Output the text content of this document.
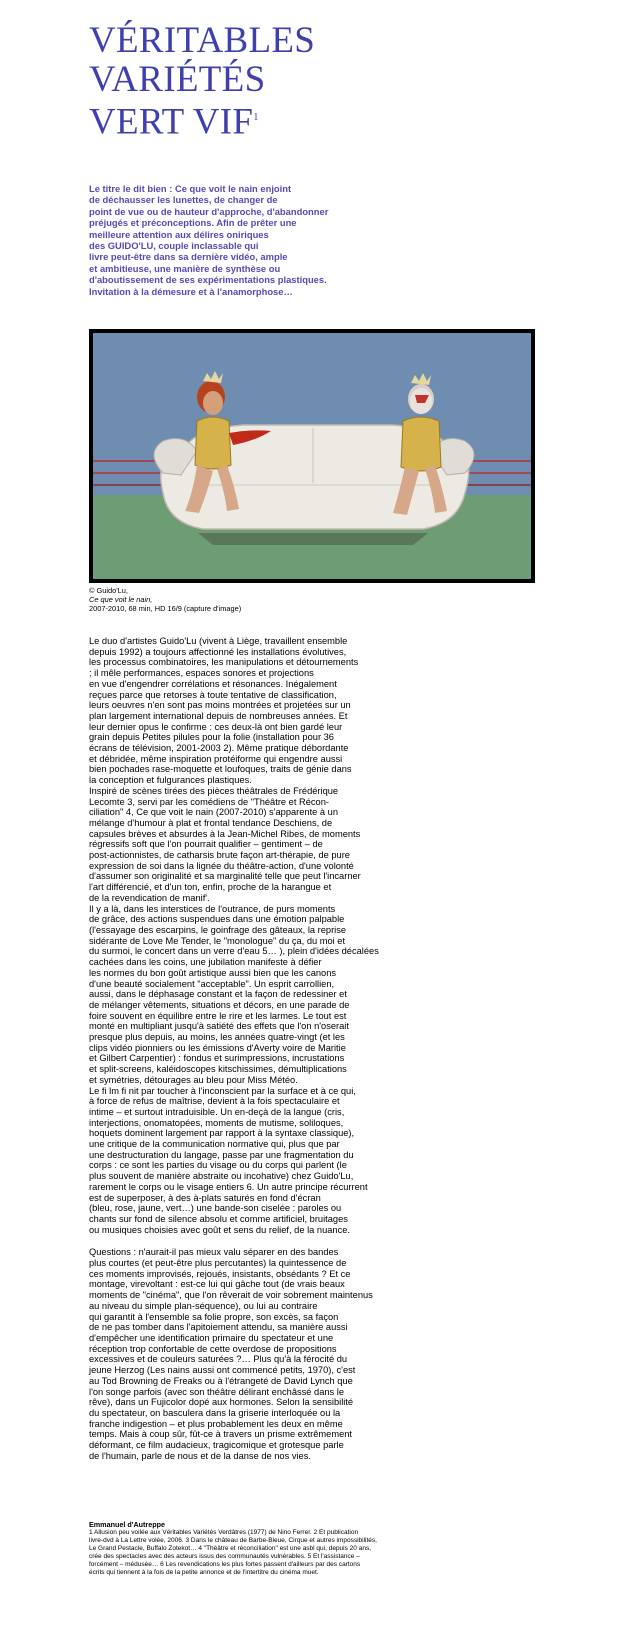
VÉRITABLES
VARIÉTÉS
VERT VIF$^1$
Le titre le dit bien : Ce que voit le nain enjoint
de déchausser les lunettes, de changer de
point de vue ou de hauteur d'approche, d'abandonner
préjugés et préconceptions. Afin de prêter une
meilleure attention aux délires oniriques
des GUIDO'LU, couple inclassable qui
livre peut-être dans sa dernière vidéo, ample
et ambitieuse, une manière de synthèse ou
d'aboutissement de ses expérimentations plastiques.
Invitation à la démesure et à l'anamorphose…
© Guido'Lu,
Ce que voit le nain,
2007-2010, 68 min, HD 16/9 (capture d'image)
Le duo d'artistes Guido'Lu (vivent à Liège, travaillent ensemble
depuis 1992) a toujours affectionné les installations évolutives,
les processus combinatoires, les manipulations et détournements
; il mêle performances, espaces sonores et projections
en vue d'engendrer corrélations et résonances. Inégalement
reçues parce que retorses à toute tentative de classification,
leurs oeuvres n'en sont pas moins montrées et projetées sur un
plan largement international depuis de nombreuses années. Et
leur dernier opus le confirme : ces deux-là ont bien gardé leur
grain depuis Petites pilules pour la folie (installation pour 36
écrans de télévision, 2001-2003 2). Même pratique débordante
et débridée, même inspiration protéiforme qui engendre aussi
bien pochades rase-moquette et loufoques, traits de génie dans
la conception et fulgurances plastiques.
Inspiré de scènes tirées des pièces théâtrales de Frédérique
Lecomte 3, servi par les comédiens de "Théâtre et Récon-
ciliation" 4, Ce que voit le nain (2007-2010) s'apparente à un
mélange d'humour à plat et frontal tendance Deschiens, de
capsules brèves et absurdes à la Jean-Michel Ribes, de moments
régressifs soft que l'on pourrait qualifier – gentiment – de
post-actionnistes, de catharsis brute façon art-thérapie, de pure
expression de soi dans la lignée du théâtre-action, d'une volonté
d'assumer son originalité et sa marginalité telle que peut l'incarner
l'art différencié, et d'un ton, enfin, proche de la harangue et
de la revendication de manif'.
Il y a là, dans les interstices de l'outrance, de purs moments
de grâce, des actions suspendues dans une émotion palpable
(l'essayage des escarpins, le goinfrage des gâteaux, la reprise
sidérante de Love Me Tender, le "monologue" du ça, du moi et
du surmoi, le concert dans un verre d'eau 5… ), plein d'idées décalées
cachées dans les coins, une jubilation manifeste à défier
les normes du bon goût artistique aussi bien que les canons
d'une beauté socialement "acceptable". Un esprit carrollien,
aussi, dans le déphasage constant et la façon de redessiner et
de mélanger vêtements, situations et décors, en une parade de
foire souvent en équilibre entre le rire et les larmes. Le tout est
monté en multipliant jusqu'à satiété des effets que l'on n'oserait
presque plus depuis, au moins, les années quatre-vingt (et les
clips vidéo pionniers ou les émissions d'Averty voire de Maritie
et Gilbert Carpentier) : fondus et surimpressions, incrustations
et split-screens, kaléidoscopes kitschissimes, démultiplications
et symétries, détourages au bleu pour Miss Météo.
Le fi lm fi nit par toucher à l'inconscient par la surface et à ce qui,
à force de refus de maîtrise, devient à la fois spectaculaire et
intime – et surtout intraduisible. Un en-deçà de la langue (cris,
interjections, onomatopées, moments de mutisme, soliloques,
hoquets dominent largement par rapport à la syntaxe classique),
une critique de la communication normative qui, plus que par
une destructuration du langage, passe par une fragmentation du
corps : ce sont les parties du visage ou du corps qui parlent (le
plus souvent de manière abstraite ou incohative) chez Guido'Lu,
rarement le corps ou le visage entiers 6. Un autre principe récurrent
est de superposer, à des à-plats saturés en fond d'écran
(bleu, rose, jaune, vert…) une bande-son ciselée : paroles ou
chants sur fond de silence absolu et comme artificiel, bruitages
ou musiques choisies avec goût et sens du relief, de la nuance.
Questions : n'aurait-il pas mieux valu séparer en des bandes
plus courtes (et peut-être plus percutantes) la quintessence de
ces moments improvisés, rejoués, insistants, obsédants ? Et ce
montage, virevoltant : est-ce lui qui gâche tout (de vrais beaux
moments de "cinéma", que l'on rêverait de voir sobrement maintenus
au niveau du simple plan-séquence), ou lui au contraire
qui garantit à l'ensemble sa folie propre, son excès, sa façon
de ne pas tomber dans l'apitoiement attendu, sa manière aussi
d'empêcher une identification primaire du spectateur et une
réception trop confortable de cette overdose de propositions
excessives et de couleurs saturées ?… Plus qu'à la férocité du
jeune Herzog (Les nains aussi ont commencé petits, 1970), c'est
au Tod Browning de Freaks ou à l'étrangeté de David Lynch que
l'on songe parfois (avec son théâtre délirant enchâssé dans le
rêve), dans un Fujicolor dopé aux hormones. Selon la sensibilité
du spectateur, on basculera dans la griserie interloquée ou la
franche indigestion – et plus probablement les deux en même
temps. Mais à coup sûr, fût-ce à travers un prisme extrêmement
déformant, ce film audacieux, tragicomique et grotesque parle
de l'humain, parle de nous et de la danse de nos vies.
Emmanuel d'Autreppe
1 Allusion peu voilée aux Véritables Variétés Verdâtres (1977) de Nino Ferrer. 2 Et publication
livre-dvd à La Lettre volée, 2006. 3 Dans le château de Barbe-Bleue, Cirque et autres impossibilités,
Le Grand Pestacle, Buffalo Zotekot… 4 "Théâtre et réconciliation" est une asbl qui, depuis 20 ans,
crée des spectacles avec des acteurs issus des communautés vulnérables. 5 Et l'assistance –
forcément – médusée… 6 Les revendications les plus fortes passent d'ailleurs par des cartons
écrits qui tiennent à la fois de la petite annonce et de l'intertitre du cinéma muet.
